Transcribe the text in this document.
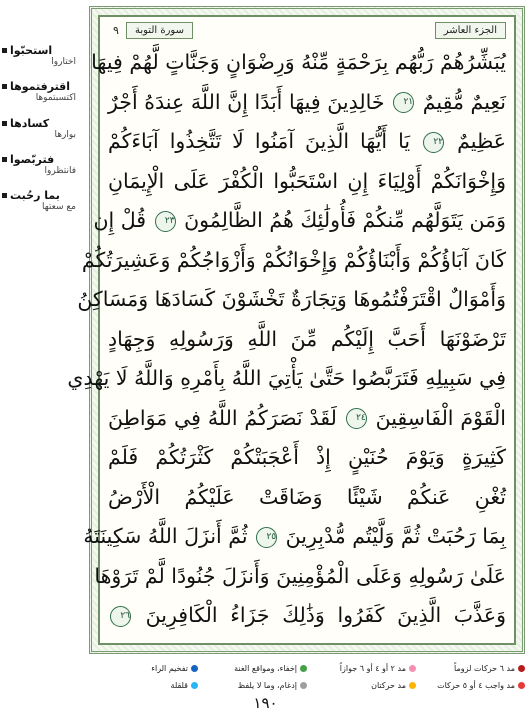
استحبّوا
اختاروا
اقترفتموها
اكتسبتموها
كسادها
بوارها
فتربّصوا
فانتظروا
بما رحُبت
مع سعتها
الجزء العاشر
سورة التوبة
٩
يُبَشِّرُهُمْ رَبُّهُم بِرَحْمَةٍ مِّنْهُ وَرِضْوَانٍ وَجَنَّاتٍ لَّهُمْ فِيهَا
نَعِيمٌ مُّقِيمٌ ٢١ خَالِدِينَ فِيهَا أَبَدًا إِنَّ اللَّهَ عِندَهُ أَجْرٌ
عَظِيمٌ ٢٢ يَا أَيُّهَا الَّذِينَ آمَنُوا لَا تَتَّخِذُوا آبَاءَكُمْ
وَإِخْوَانَكُمْ أَوْلِيَاءَ إِنِ اسْتَحَبُّوا الْكُفْرَ عَلَى الْإِيمَانِ
وَمَن يَتَوَلَّهُم مِّنكُمْ فَأُولَٰئِكَ هُمُ الظَّالِمُونَ ٢٣ قُلْ إِن
كَانَ آبَاؤُكُمْ وَأَبْنَاؤُكُمْ وَإِخْوَانُكُمْ وَأَزْوَاجُكُمْ وَعَشِيرَتُكُمْ
وَأَمْوَالٌ اقْتَرَفْتُمُوهَا وَتِجَارَةٌ تَخْشَوْنَ كَسَادَهَا وَمَسَاكِنُ
تَرْضَوْنَهَا أَحَبَّ إِلَيْكُم مِّنَ اللَّهِ وَرَسُولِهِ وَجِهَادٍ
فِي سَبِيلِهِ فَتَرَبَّصُوا حَتَّىٰ يَأْتِيَ اللَّهُ بِأَمْرِهِ وَاللَّهُ لَا يَهْدِي
الْقَوْمَ الْفَاسِقِينَ ٢٤ لَقَدْ نَصَرَكُمُ اللَّهُ فِي مَوَاطِنَ
كَثِيرَةٍ وَيَوْمَ حُنَيْنٍ إِذْ أَعْجَبَتْكُمْ كَثْرَتُكُمْ فَلَمْ
تُغْنِ عَنكُمْ شَيْئًا وَضَاقَتْ عَلَيْكُمُ الْأَرْضُ
بِمَا رَحُبَتْ ثُمَّ وَلَّيْتُم مُّدْبِرِينَ ٢٥ ثُمَّ أَنزَلَ اللَّهُ سَكِينَتَهُ
عَلَىٰ رَسُولِهِ وَعَلَى الْمُؤْمِنِينَ وَأَنزَلَ جُنُودًا لَّمْ تَرَوْهَا
وَعَذَّبَ الَّذِينَ كَفَرُوا وَذَٰلِكَ جَزَاءُ الْكَافِرِينَ ٢٦
مد ٦ حركات لزوماً
مد ٢ أو ٤ أو ٦ جوازاً
إخفاء، ومواقع الغنة
تفخيم الراء
مد واجب ٤ أو ٥ حركات
مد حركتان
إدغام، وما لا يلفظ
قلقلة
١٩٠
